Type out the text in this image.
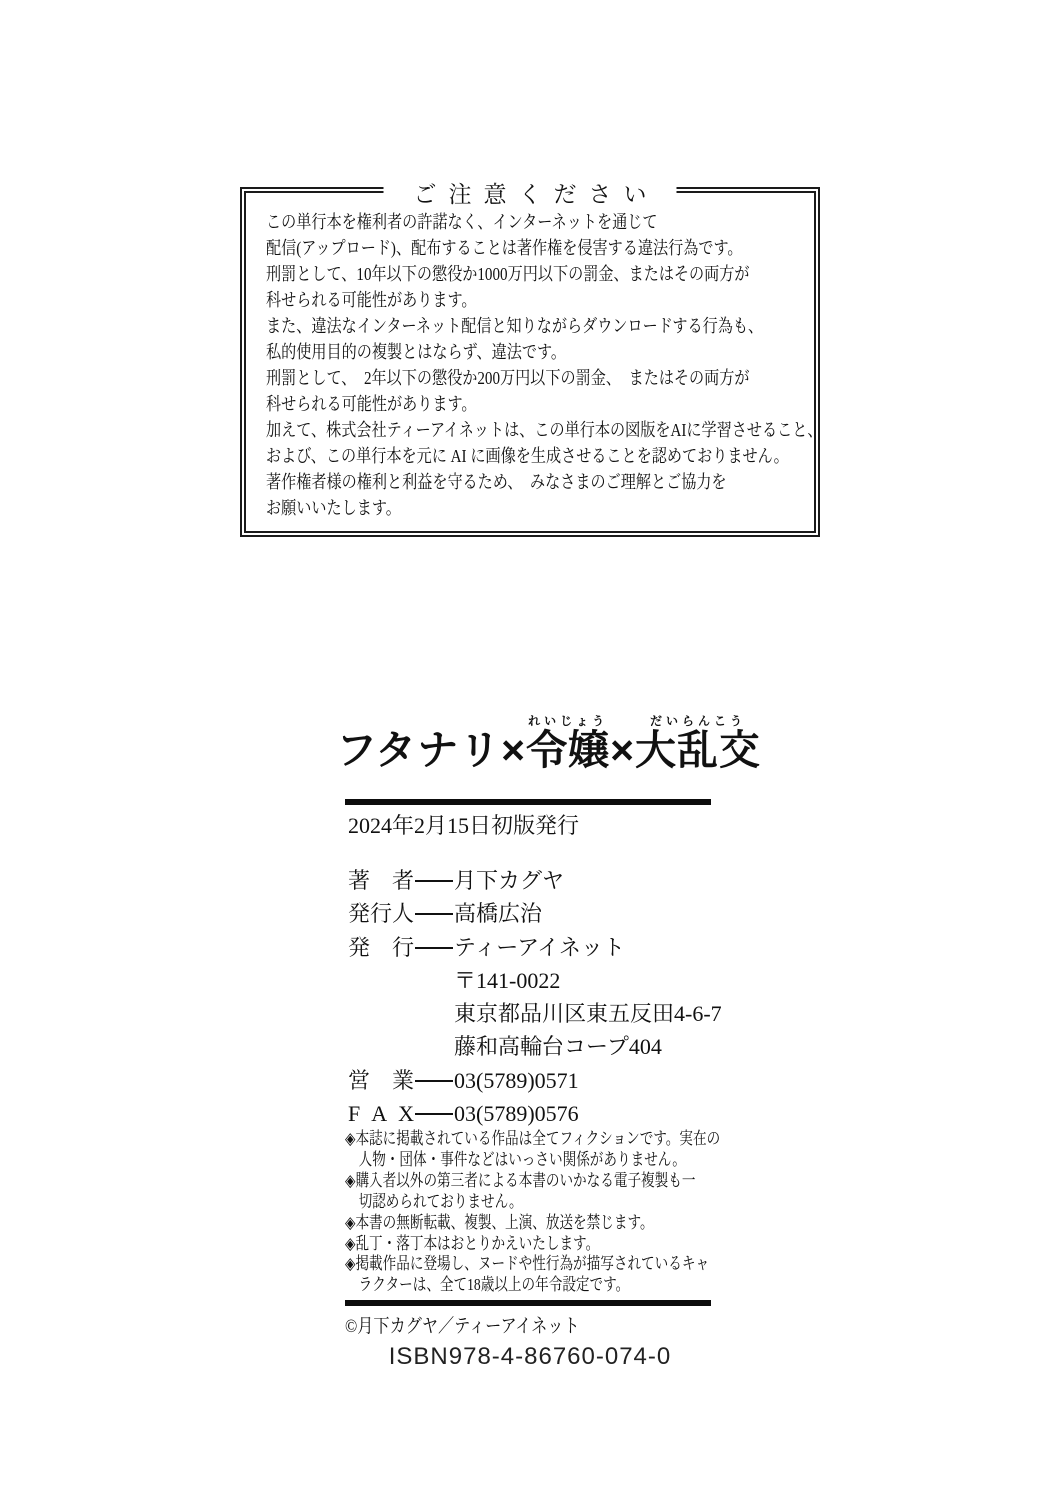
ご注意ください
この単行本を権利者の許諾なく、インターネットを通じて
配信(アップロード)、配布することは著作権を侵害する違法行為です。
刑罰として、10年以下の懲役か1000万円以下の罰金、またはその両方が
科せられる可能性があります。
また、違法なインターネット配信と知りながらダウンロードする行為も、
私的使用目的の複製とはならず、違法です。
刑罰として、　2年以下の懲役か200万円以下の罰金、　またはその両方が
科せられる可能性があります。
加えて、株式会社ティーアイネットは、この単行本の図版をAIに学習させること、
および、この単行本を元に AI に画像を生成させることを認めておりません。
著作権者様の権利と利益を守るため、　みなさまのご理解とご協力を
お願いいたします。
フタナリ×令嬢れいじょう×大乱交だいらんこう
2024年2月15日初版発行
著 者 月下カグヤ
発 行 人 高橋広治
発 行 ティーアイネット
〒141-0022
東京都品川区東五反田4-6-7
藤和高輪台コープ404
営 業 03(5789)0571
F A X 03(5789)0576
◈本誌に掲載されている作品は全てフィクションです。実在の
　人物・団体・事件などはいっさい関係がありません。
◈購入者以外の第三者による本書のいかなる電子複製も一
　切認められておりません。
◈本書の無断転載、複製、上演、放送を禁じます。
◈乱丁・落丁本はおとりかえいたします。
◈掲載作品に登場し、ヌードや性行為が描写されているキャ
　ラクターは、全て18歳以上の年令設定です。
©月下カグヤ／ティーアイネット
ISBN978-4-86760-074-0
